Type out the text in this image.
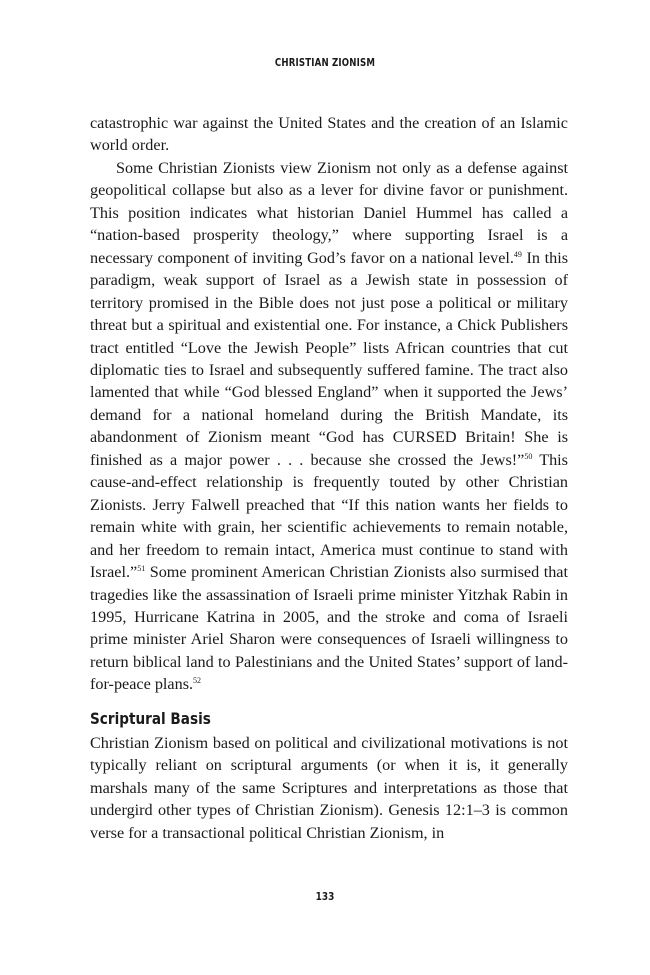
CHRISTIAN ZIONISM

catastrophic war against the United States and the creation of an Islamic world order.

Some Christian Zionists view Zionism not only as a defense against geopolitical collapse but also as a lever for divine favor or punishment. This position indicates what historian Daniel Hummel has called a “nation-based prosperity theology,” where supporting Israel is a necessary component of inviting God’s favor on a national level.$^{49}$ In this paradigm, weak support of Israel as a Jewish state in possession of territory promised in the Bible does not just pose a political or military threat but a spiritual and existential one. For instance, a Chick Publishers tract entitled “Love the Jewish People” lists African countries that cut diplomatic ties to Israel and subsequently suffered famine. The tract also lamented that while “God blessed England” when it supported the Jews’ demand for a national homeland during the British Mandate, its abandonment of Zionism meant “God has CURSED Britain! She is finished as a major power . . . because she crossed the Jews!”$^{50}$ This cause-and-effect relationship is frequently touted by other Christian Zionists. Jerry Falwell preached that “If this nation wants her fields to remain white with grain, her scientific achievements to remain notable, and her freedom to remain intact, America must continue to stand with Israel.”$^{51}$ Some prominent American Christian Zionists also surmised that tragedies like the assassination of Israeli prime minister Yitzhak Rabin in 1995, Hurricane Katrina in 2005, and the stroke and coma of Israeli prime minister Ariel Sharon were consequences of Israeli willingness to return biblical land to Palestinians and the United States’ support of land-for-peace plans.$^{52}$

Scriptural Basis

Christian Zionism based on political and civilizational motivations is not typically reliant on scriptural arguments (or when it is, it generally marshals many of the same Scriptures and interpretations as those that undergird other types of Christian Zionism). Genesis 12:1–3 is common verse for a transactional political Christian Zionism, in

133
